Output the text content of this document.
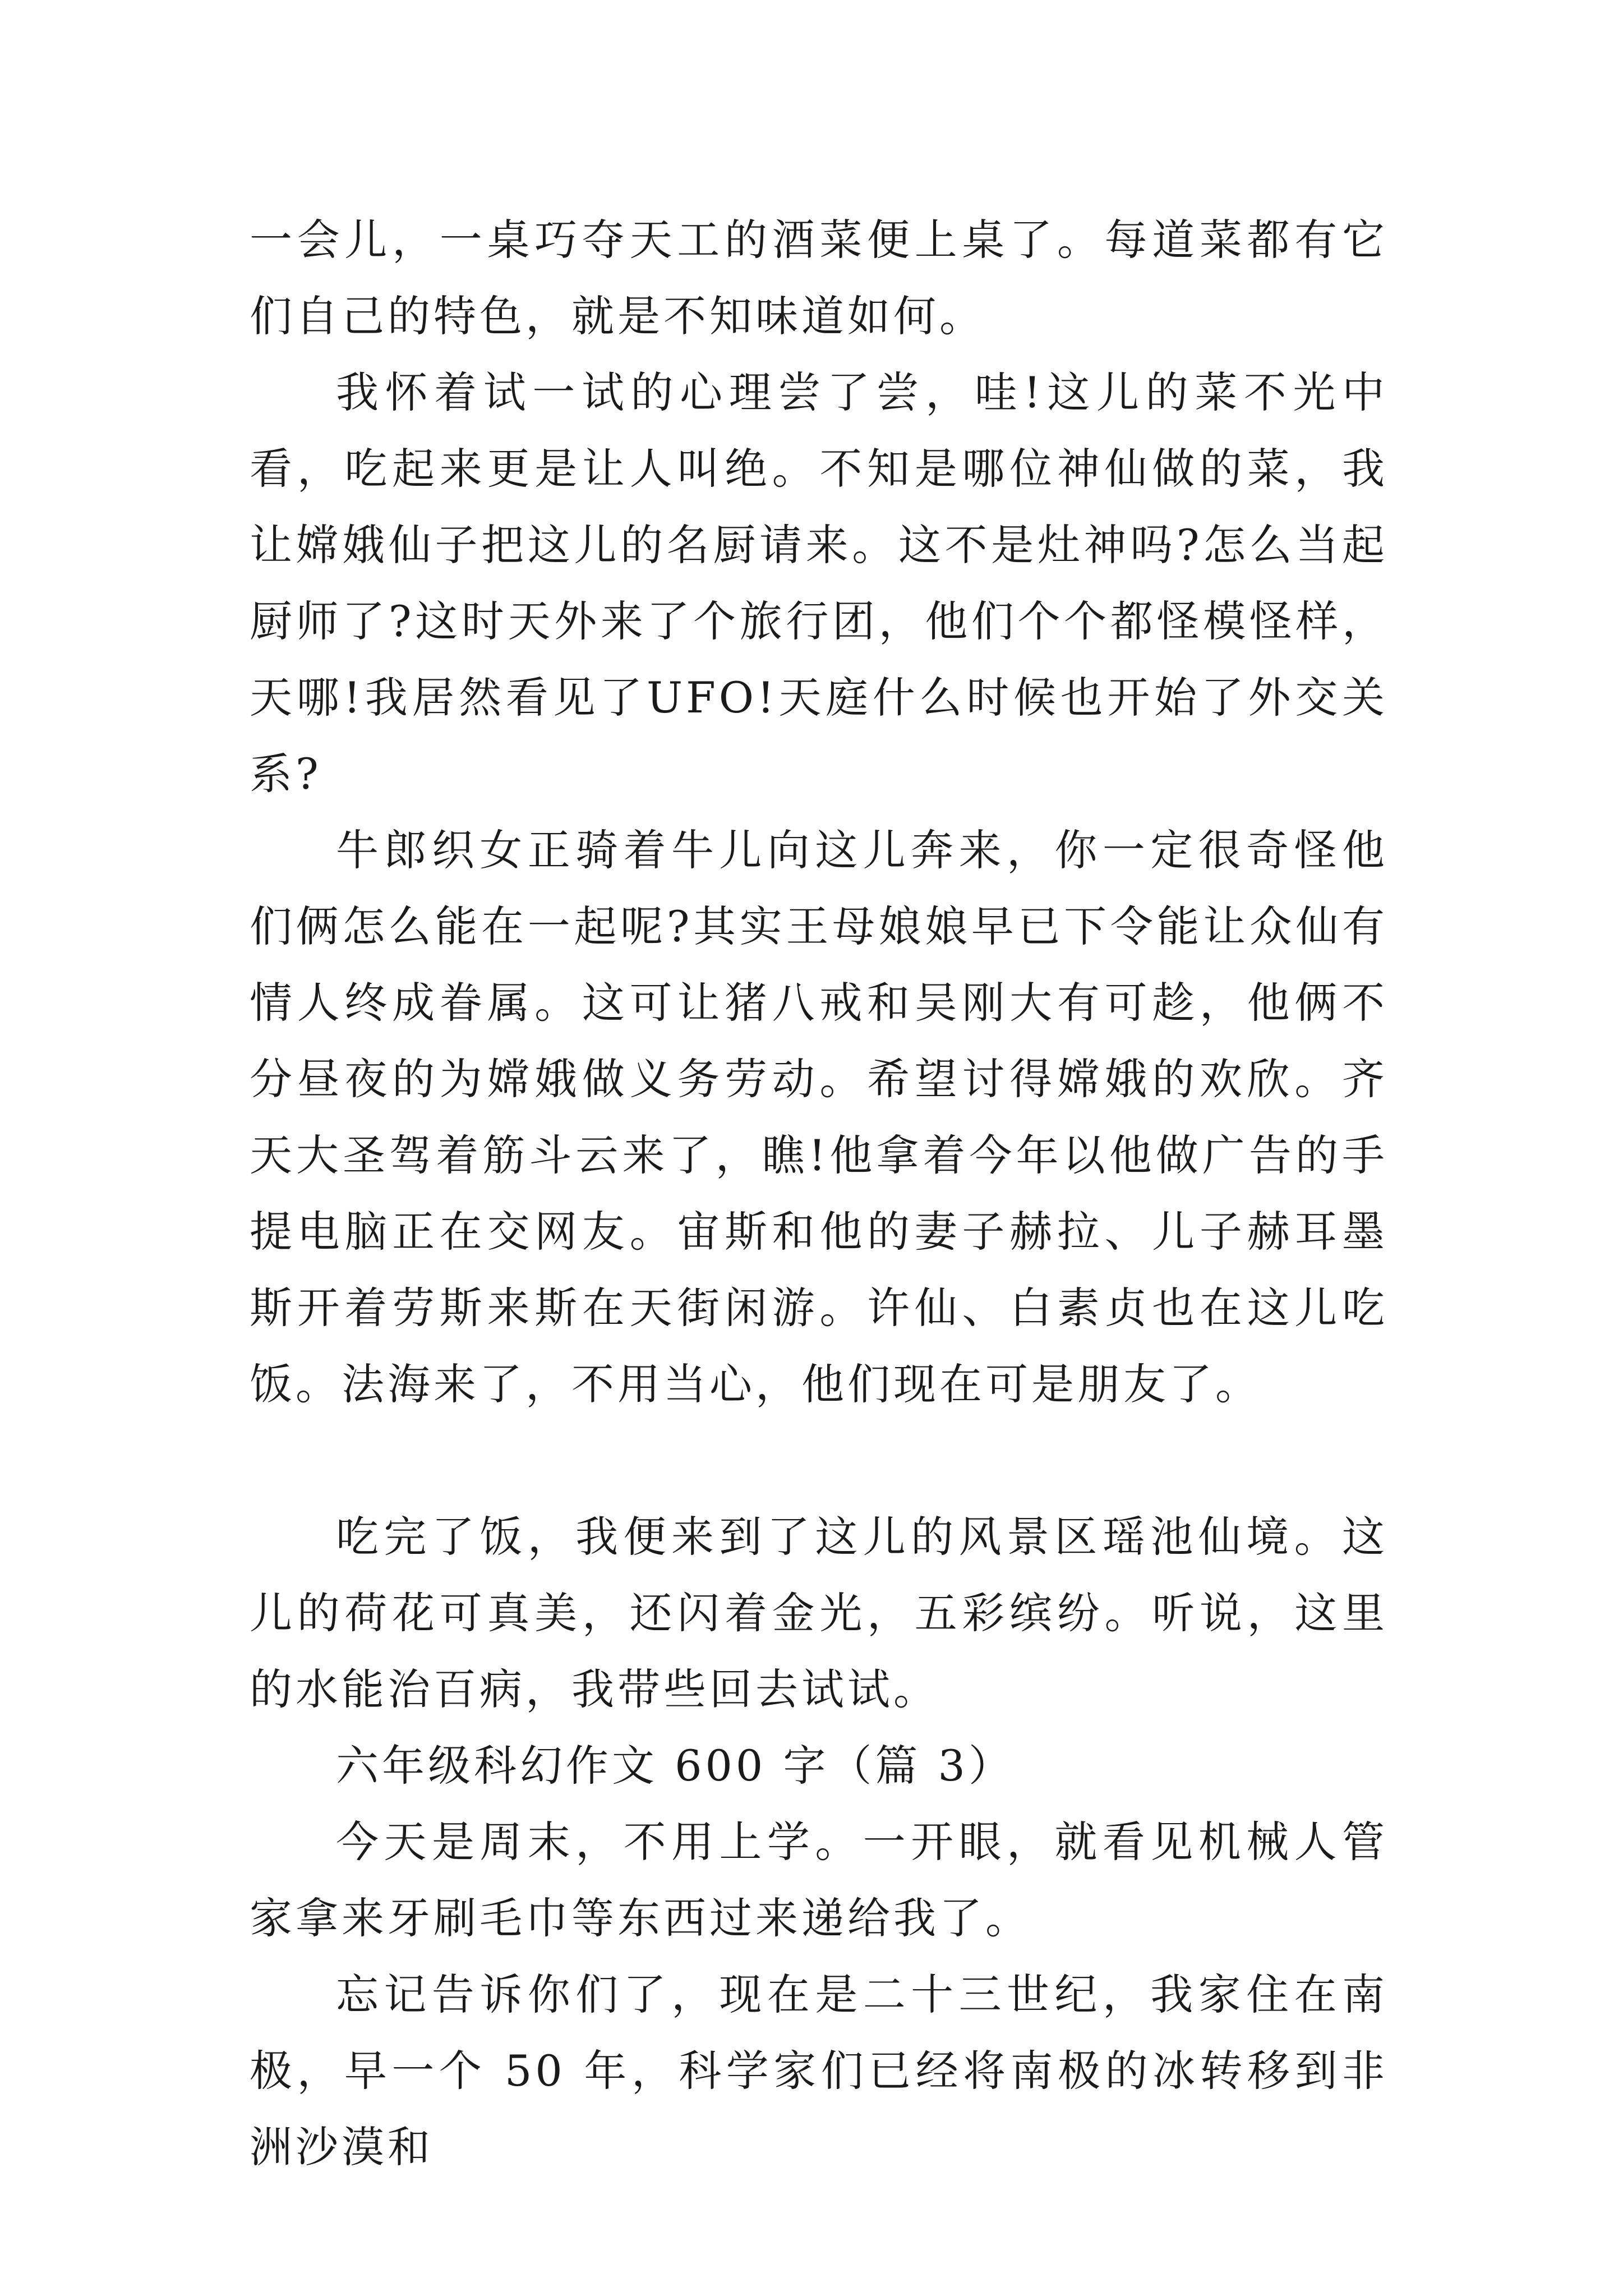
一会儿，一桌巧夺天工的酒菜便上桌了。每道菜都有它们自己的特色，就是不知味道如何。

我怀着试一试的心理尝了尝，哇!这儿的菜不光中看，吃起来更是让人叫绝。不知是哪位神仙做的菜，我让嫦娥仙子把这儿的名厨请来。这不是灶神吗?怎么当起厨师了?这时天外来了个旅行团，他们个个都怪模怪样，天哪!我居然看见了UFO!天庭什么时候也开始了外交关系?

牛郎织女正骑着牛儿向这儿奔来，你一定很奇怪他们俩怎么能在一起呢?其实王母娘娘早已下令能让众仙有情人终成眷属。这可让猪八戒和吴刚大有可趁，他俩不分昼夜的为嫦娥做义务劳动。希望讨得嫦娥的欢欣。齐天大圣驾着筋斗云来了，瞧!他拿着今年以他做广告的手提电脑正在交网友。宙斯和他的妻子赫拉、儿子赫耳墨斯开着劳斯来斯在天街闲游。许仙、白素贞也在这儿吃饭。法海来了，不用当心，他们现在可是朋友了。

吃完了饭，我便来到了这儿的风景区瑶池仙境。这儿的荷花可真美，还闪着金光，五彩缤纷。听说，这里的水能治百病，我带些回去试试。

六年级科幻作文 600 字（篇 3）

今天是周末，不用上学。一开眼，就看见机械人管家拿来牙刷毛巾等东西过来递给我了。

忘记告诉你们了，现在是二十三世纪，我家住在南极，早一个 50 年，科学家们已经将南极的冰转移到非洲沙漠和
